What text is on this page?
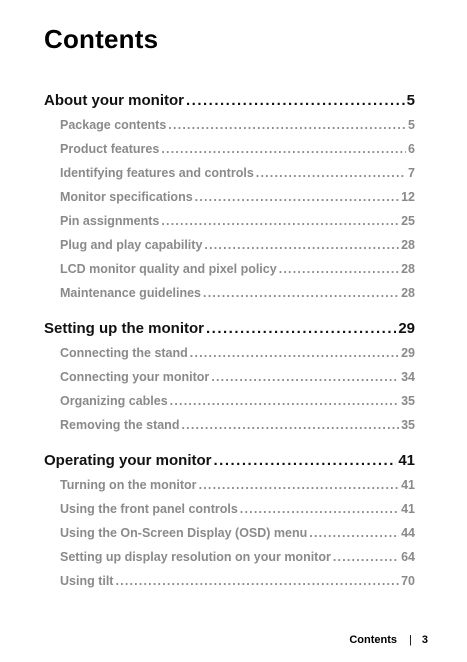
Contents
About your monitor .....	5
Package contents .....	5
Product features .....	6
Identifying features and controls .....	7
Monitor specifications .....	12
Pin assignments .....	25
Plug and play capability .....	28
LCD monitor quality and pixel policy .....	28
Maintenance guidelines .....	28
Setting up the monitor .....	29
Connecting the stand .....	29
Connecting your monitor .....	34
Organizing cables .....	35
Removing the stand .....	35
Operating your monitor .....	41
Turning on the monitor .....	41
Using the front panel controls .....	41
Using the On-Screen Display (OSD) menu .....	44
Setting up display resolution on your monitor .....	64
Using tilt .....	70
Contents | 3
